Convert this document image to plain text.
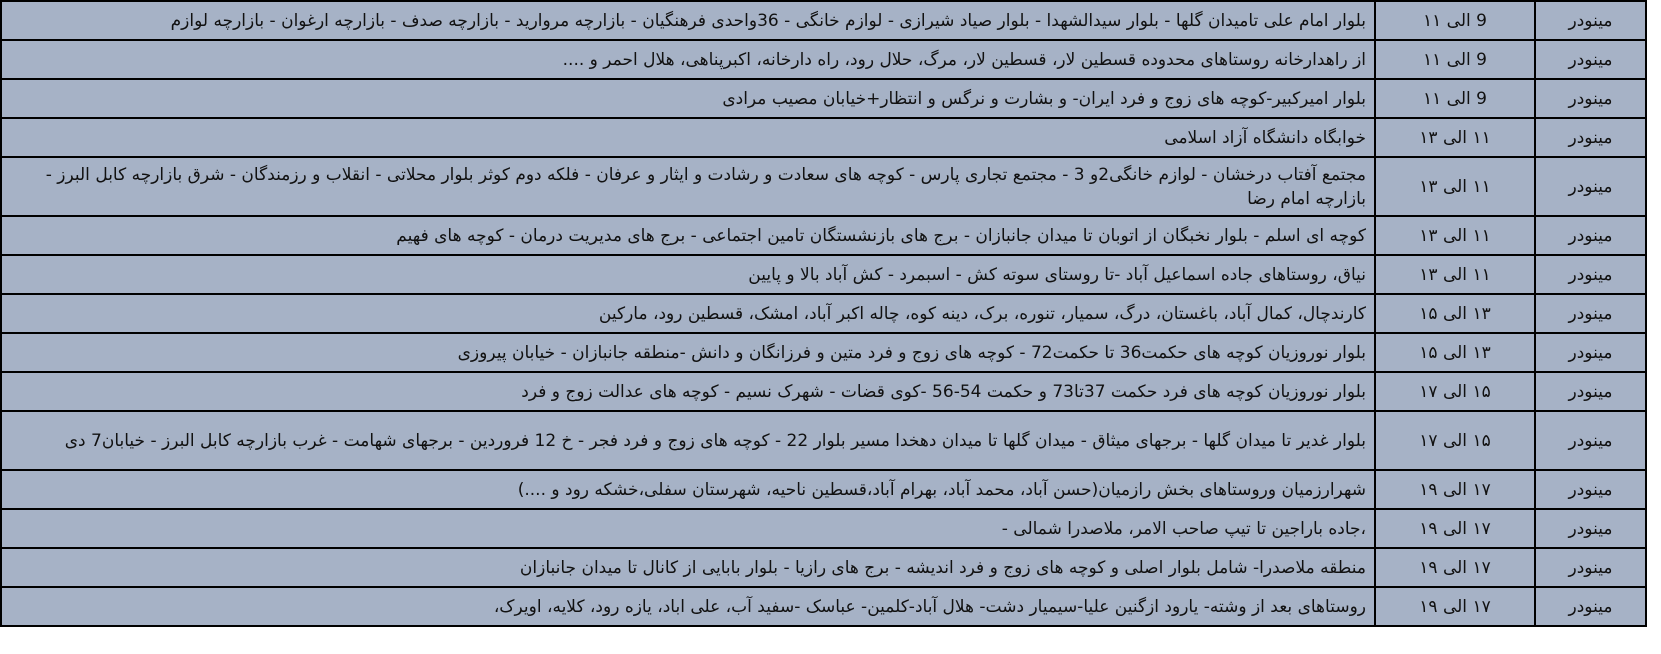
مینودر	9 الی ۱۱	بلوار امام علی تامیدان گلها - بلوار سیدالشهدا - بلوار صیاد شیرازی - لوازم خانگی - 36واحدی فرهنگیان - بازارچه مروارید - بازارچه صدف - بازارچه ارغوان - بازارچه لوازم
مینودر	9 الی ۱۱	از راهدارخانه روستاهای محدوده قسطین لار، قسطین لار، مرگ، حلال رود، راه دارخانه، اکبرپناهی، هلال احمر و ....
مینودر	9 الی ۱۱	بلوار امیرکبیر-کوچه های زوج و فرد ایران- و بشارت و نرگس و انتظار+خیابان مصیب مرادی
مینودر	۱۱ الی ۱۳	خوابگاه دانشگاه آزاد اسلامی
مینودر	۱۱ الی ۱۳	مجتمع آفتاب درخشان - لوازم خانگی2و 3 - مجتمع تجاری پارس - کوچه های سعادت و رشادت و ایثار و عرفان - فلکه دوم کوثر بلوار محلاتی - انقلاب و رزمندگان - شرق بازارچه کابل البرز - بازارچه امام رضا
مینودر	۱۱ الی ۱۳	کوچه ای اسلم - بلوار نخبگان از اتوبان تا میدان جانبازان - برج های بازنشستگان تامین اجتماعی - برج های مدیریت درمان - کوچه های فهیم
مینودر	۱۱ الی ۱۳	نیاق، روستاهای جاده اسماعیل آباد -تا روستای سوته کش - اسبمرد - کش آباد بالا و پایین
مینودر	۱۳ الی ۱۵	کارندچال، کمال آباد، باغستان، درگ، سمیار، تنوره، برک، دینه کوه، چاله اکبر آباد، امشک، قسطین رود، مارکین
مینودر	۱۳ الی ۱۵	بلوار نوروزیان کوچه های حکمت36 تا حکمت72 - کوچه های زوج و فرد متین و فرزانگان و دانش -منطقه جانبازان - خیابان پیروزی
مینودر	۱۵ الی ۱۷	بلوار نوروزیان کوچه های فرد حکمت 37تا73 و حکمت 54-56 -کوی قضات - شهرک نسیم - کوچه های عدالت زوج و فرد
مینودر	۱۵ الی ۱۷	بلوار غدیر تا میدان گلها - برجهای میثاق - میدان گلها تا میدان دهخدا مسیر بلوار 22 - کوچه های زوج و فرد فجر - خ 12 فروردین - برجهای شهامت - غرب بازارچه کابل البرز - خیابان7 دی
مینودر	۱۷ الی ۱۹	شهرارزمیان وروستاهای بخش رازمیان(حسن آباد، محمد آباد، بهرام آباد،قسطین ناحیه، شهرستان سفلی،خشکه رود و ....)
مینودر	۱۷ الی ۱۹	،جاده باراجین تا تیپ صاحب الامر، ملاصدرا شمالی -
مینودر	۱۷ الی ۱۹	منطقه ملاصدرا- شامل بلوار اصلی و کوچه های زوج و فرد اندیشه - برج های رازیا - بلوار بابایی از کانال تا میدان جانبازان
مینودر	۱۷ الی ۱۹	روستاهای بعد از وشته- یارود ازگنین علیا-سیمیار دشت- هلال آباد-کلمین- عباسک -سفید آب، علی اباد، یازه رود، کلایه، اویرک،
